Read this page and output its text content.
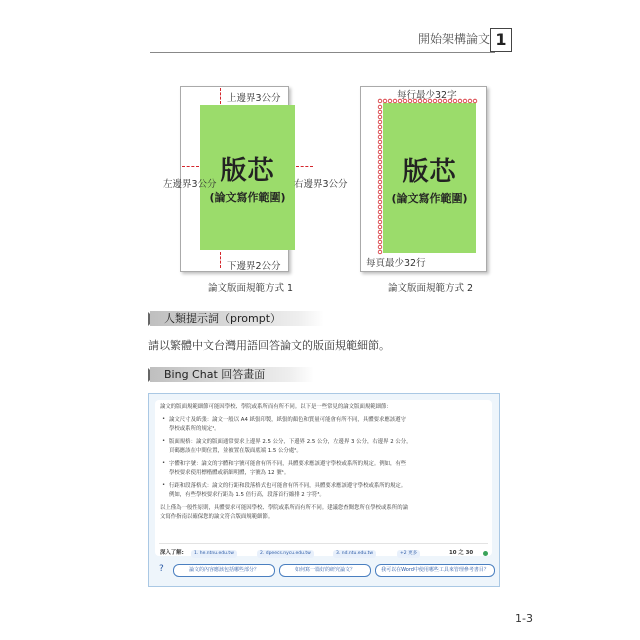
開始架構論文 1
版芯
(論文寫作範圍)
上邊界3公分
左邊界3公分	右邊界3公分
下邊界2公分
論文版面規範方式 1
版芯
(論文寫作範圍)
每行最少32字
每頁最少32行
論文版面規範方式 2
人類提示詞（prompt）
請以繁體中文台灣用語回答論文的版面規範細節。
Bing Chat 回答畫面
論文的版面規範細節可能因學校、學院或系所而有所不同。以下是一些常見的論文版面規範細節：
• 論文尺寸及紙張：論文一般以 A4 紙張印製，紙張的顏色和質量可能會有所不同，具體要求應該遵守
學校或系所的規定¹。
• 版面規格：論文的版面通常要求上邊界 2.5 公分，下邊界 2.5 公分，左邊界 3 公分，右邊界 2 公分，
頁碼應該在中間位置，並被置在版面底端 1.5 公分處²。
• 字體和字號：論文的字體和字號可能會有所不同，具體要求應該遵守學校或系所的規定。例如，有些
學校要求使用標楷體或新細明體，字號為 12 號¹。
• 行距和段落格式：論文的行距和段落格式也可能會有所不同，具體要求應該遵守學校或系所的規定。
例如，有些學校要求行距為 1.5 倍行高，段落首行縮排 2 字符³。
以上僅為一般性原則，具體要求可能因學校、學院或系所而有所不同。建議您查閱您所在學校或系所的論
文寫作指南以確保您的論文符合版面規範細節。
深入了解:	1. he.ntnu.edu.tw	2. dpeecs.nycu.edu.tw	3. nd.ntu.edu.tw	+2 更多	10 之 30
?	論文的內容應該包括哪些部分？	如何寫一篇好的研究論文？	我可以在Word中使用哪些工具來管理參考書目？
1-3
